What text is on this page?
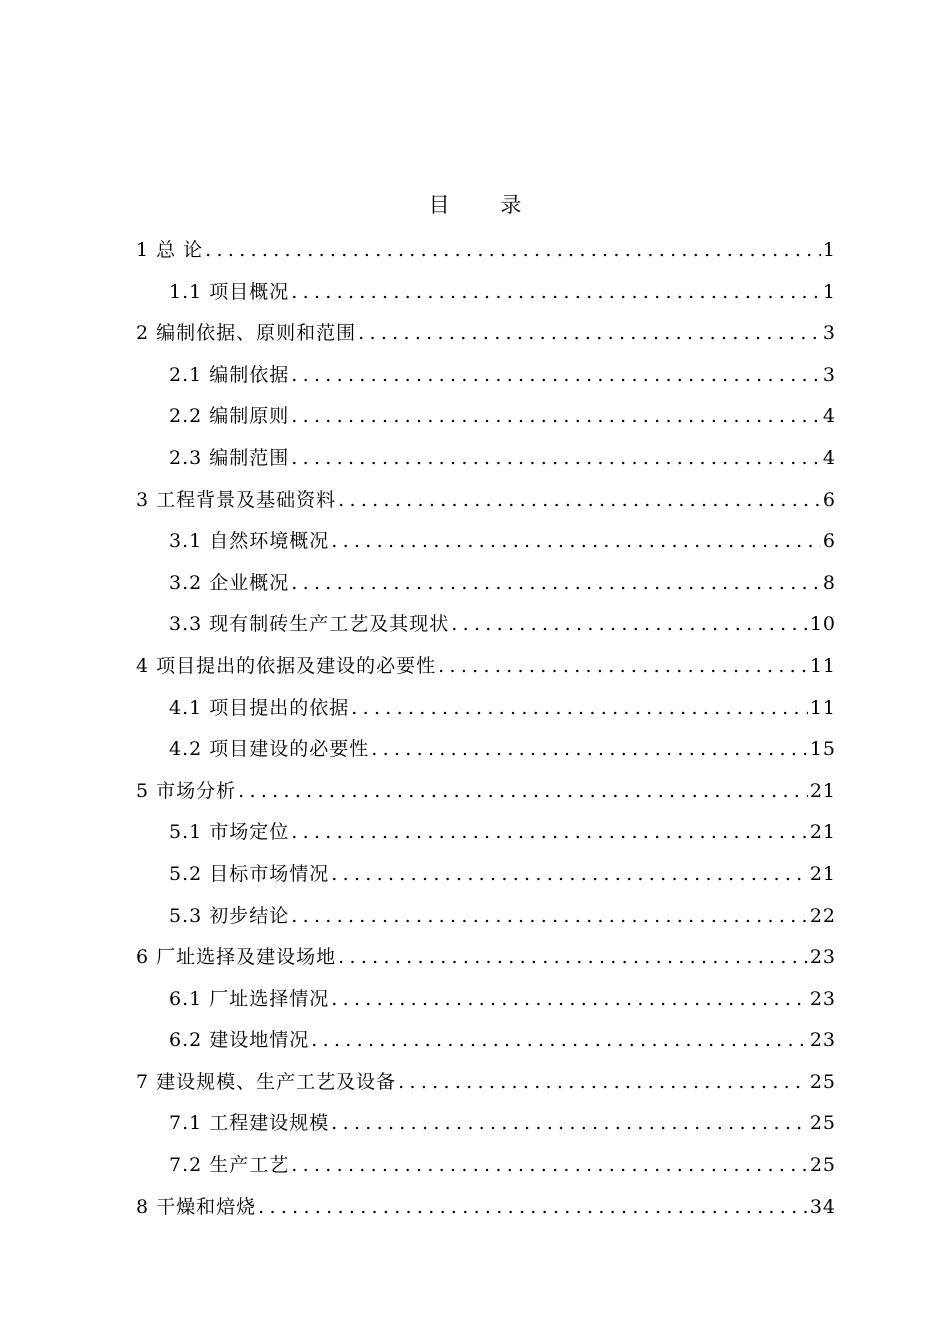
目 录
1 总 论 .....	1
1.1 项目概况 .....	1
2 编制依据、原则和范围 .....	3
2.1 编制依据 .....	3
2.2 编制原则 .....	4
2.3 编制范围 .....	4
3 工程背景及基础资料 .....	6
3.1 自然环境概况 .....	6
3.2 企业概况 .....	8
3.3 现有制砖生产工艺及其现状 .....	10
4 项目提出的依据及建设的必要性 .....	11
4.1 项目提出的依据 .....	11
4.2 项目建设的必要性 .....	15
5 市场分析 .....	21
5.1 市场定位 .....	21
5.2 目标市场情况 .....	21
5.3 初步结论 .....	22
6 厂址选择及建设场地 .....	23
6.1 厂址选择情况 .....	23
6.2 建设地情况 .....	23
7 建设规模、生产工艺及设备 .....	25
7.1 工程建设规模 .....	25
7.2 生产工艺 .....	25
8 干燥和焙烧 .....	34
